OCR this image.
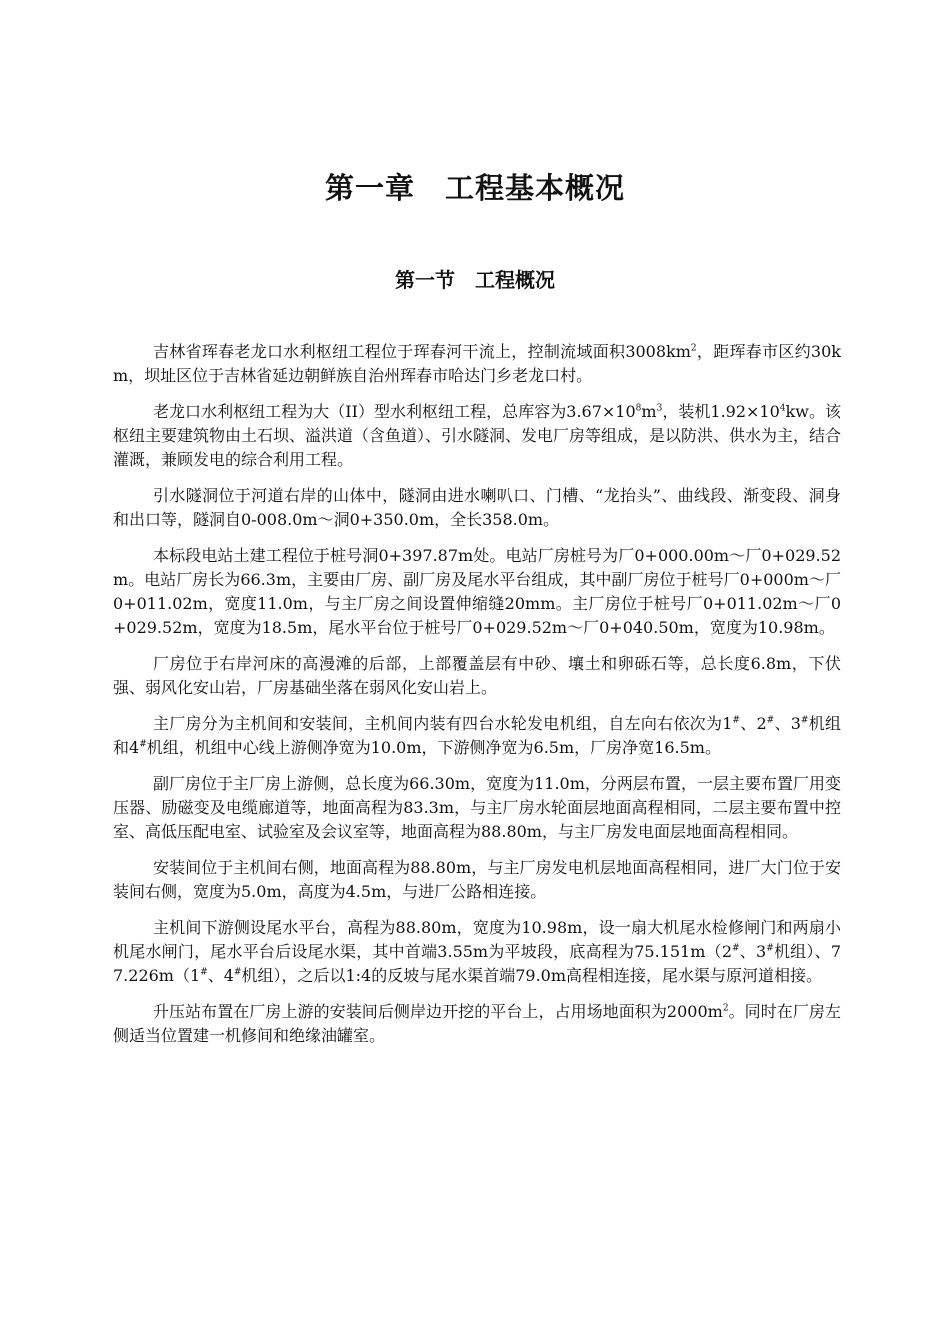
第一章　工程基本概况
第一节　工程概况

吉林省珲春老龙口水利枢纽工程位于珲春河干流上，控制流域面积$3008km^2$，距珲春市区约30km，坝址区位于吉林省延边朝鲜族自治州珲春市哈达门乡老龙口村。

老龙口水利枢纽工程为大（II）型水利枢纽工程，总库容为$3.67\times 10^8m^3$，装机$1.92\times 10^4kw$。该枢纽主要建筑物由土石坝、溢洪道（含鱼道）、引水隧洞、发电厂房等组成，是以防洪、供水为主，结合灌溉，兼顾发电的综合利用工程。

引水隧洞位于河道右岸的山体中，隧洞由进水喇叭口、门槽、“龙抬头”、曲线段、渐变段、洞身和出口等，隧洞自0-008.0m～洞0+350.0m，全长358.0m。

本标段电站土建工程位于桩号洞0+397.87m处。电站厂房桩号为厂0+000.00m～厂0+029.52m。电站厂房长为66.3m，主要由厂房、副厂房及尾水平台组成，其中副厂房位于桩号厂0+000m～厂0+011.02m，宽度11.0m，与主厂房之间设置伸缩缝20mm。主厂房位于桩号厂0+011.02m～厂0+029.52m，宽度为18.5m，尾水平台位于桩号厂0+029.52m～厂0+040.50m，宽度为10.98m。

厂房位于右岸河床的高漫滩的后部，上部覆盖层有中砂、壤土和卵砾石等，总长度6.8m，下伏强、弱风化安山岩，厂房基础坐落在弱风化安山岩上。

主厂房分为主机间和安装间，主机间内装有四台水轮发电机组，自左向右依次为1#、2#、3#机组和4#机组，机组中心线上游侧净宽为10.0m，下游侧净宽为6.5m，厂房净宽16.5m。

副厂房位于主厂房上游侧，总长度为66.30m，宽度为11.0m，分两层布置，一层主要布置厂用变压器、励磁变及电缆廊道等，地面高程为83.3m，与主厂房水轮面层地面高程相同，二层主要布置中控室、高低压配电室、试验室及会议室等，地面高程为88.80m，与主厂房发电面层地面高程相同。

安装间位于主机间右侧，地面高程为88.80m，与主厂房发电机层地面高程相同，进厂大门位于安装间右侧，宽度为5.0m，高度为4.5m，与进厂公路相连接。

主机间下游侧设尾水平台，高程为88.80m，宽度为10.98m，设一扇大机尾水检修闸门和两扇小机尾水闸门，尾水平台后设尾水渠，其中首端3.55m为平坡段，底高程为75.151m（2#、3#机组）、77.226m（1#、4#机组），之后以1:4的反坡与尾水渠首端79.0m高程相连接，尾水渠与原河道相接。

升压站布置在厂房上游的安装间后侧岸边开挖的平台上，占用场地面积为$2000m^2$。同时在厂房左侧适当位置建一机修间和绝缘油罐室。
